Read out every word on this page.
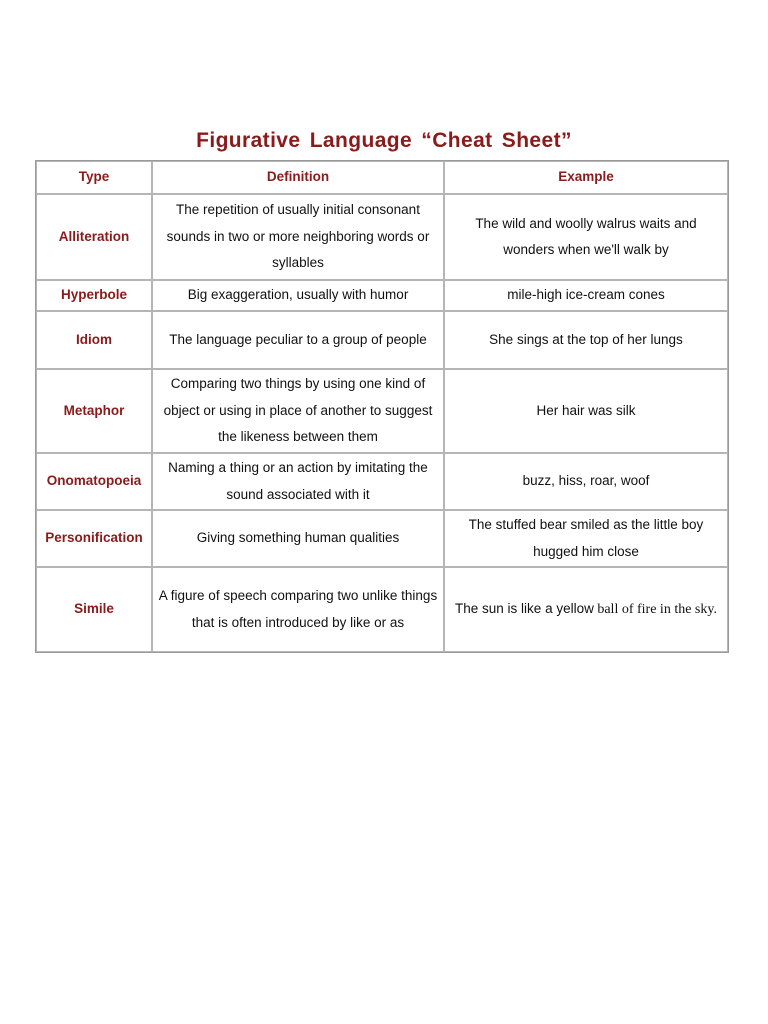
Figurative Language “Cheat Sheet”
Type	Definition	Example
Alliteration	The repetition of usually initial consonant sounds in two or more neighboring words or syllables	The wild and woolly walrus waits and wonders when we'll walk by
Hyperbole	Big exaggeration, usually with humor	mile-high ice-cream cones
Idiom	The language peculiar to a group of people	She sings at the top of her lungs
Metaphor	Comparing two things by using one kind of object or using in place of another to suggest the likeness between them	Her hair was silk
Onomatopoeia	Naming a thing or an action by imitating the sound associated with it	buzz, hiss, roar, woof
Personification	Giving something human qualities	The stuffed bear smiled as the little boy hugged him close
Simile	A figure of speech comparing two unlike things that is often introduced by like or as	The sun is like a yellow ball of fire in the sky.
